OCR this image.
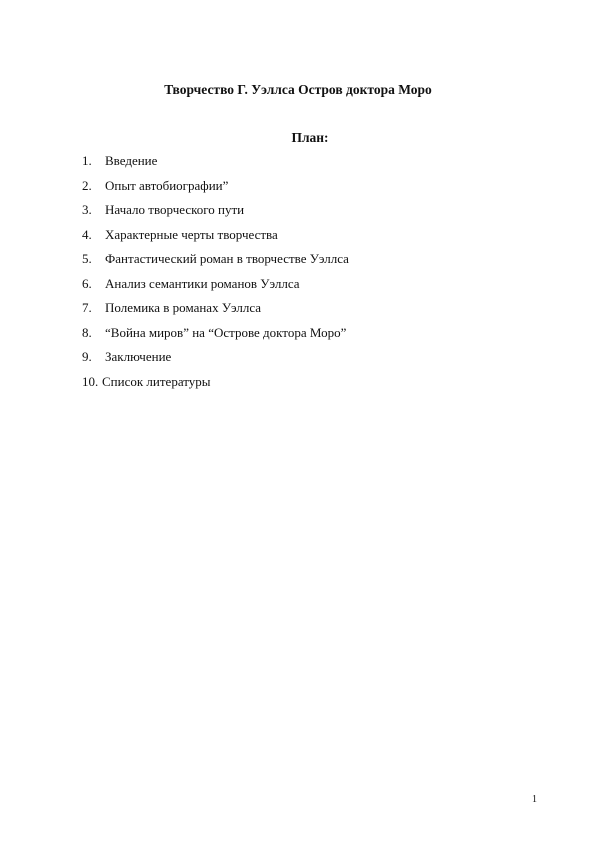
Творчество Г. Уэллса Остров доктора Моро
План:
1.	Введение
2.	Опыт автобиографии”
3.	Начало творческого пути
4.	Характерные черты творчества
5.	Фантастический роман в творчестве Уэллса
6.	Анализ семантики романов Уэллса
7.	Полемика в романах Уэллса
8.	“Война миров” на “Острове доктора Моро”
9.	Заключение
10. Список литературы
1
